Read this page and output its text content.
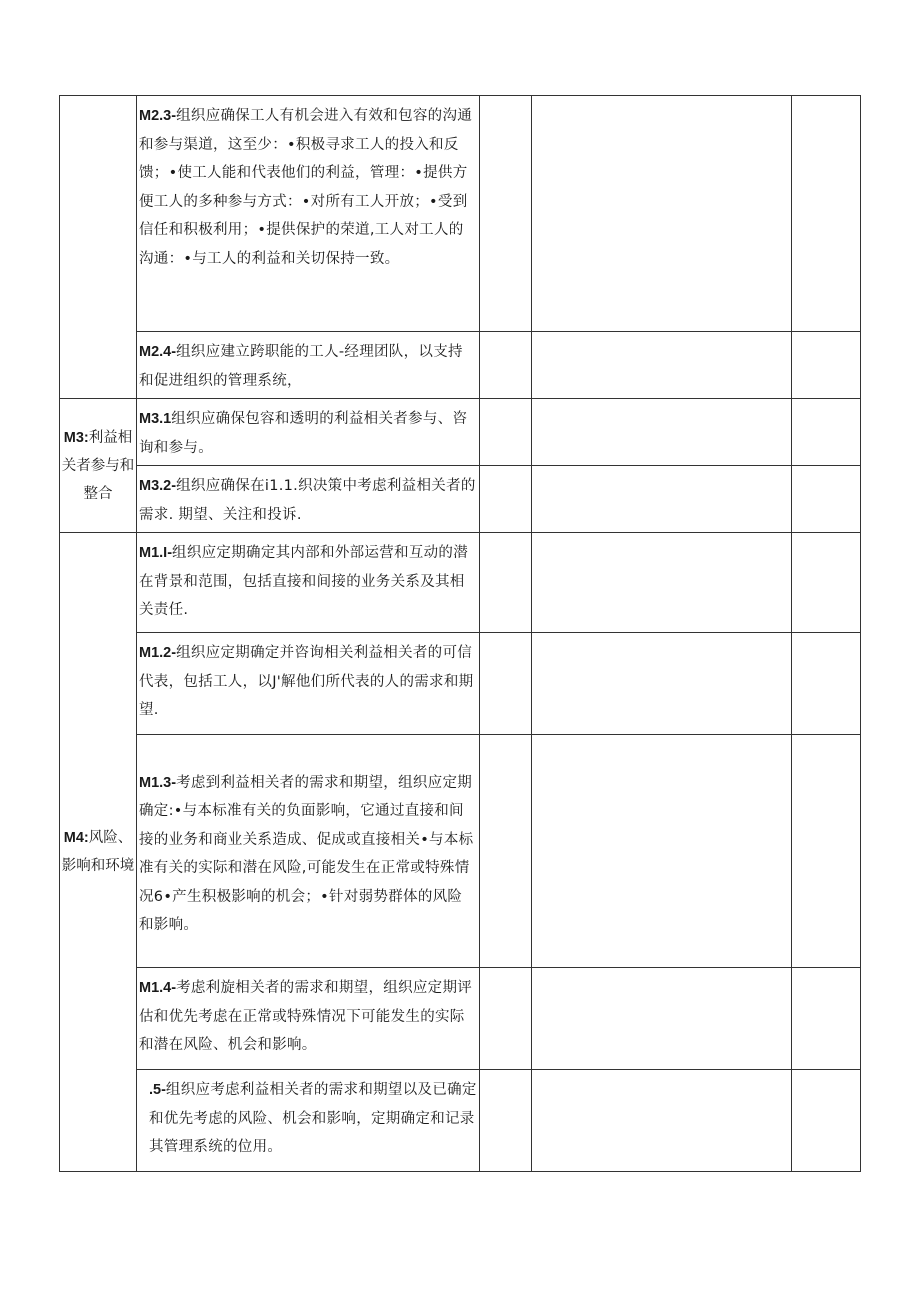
	M2.3-组织应确保工人有机会进入有效和包容的沟通和参与渠道，这至少：•积极寻求工人的投入和反馈；•使工人能和代表他们的利益，管理：•提供方便工人的多种参与方式：•对所有工人开放；•受到信任和积极利用；•提供保护的荣道,工人对工人的沟通：•与工人的利益和关切保持一致。			
	M2.4-组织应建立跨职能的工人-经理团队，以支持和促进组织的管理系统，			
M3:利益相关者参与和整合	M3.1组织应确保包容和透明的利益相关者参与、咨询和参与。			
	M3.2-组织应确保在i1.1.织决策中考虑利益相关者的需求. 期望、关注和投诉.			
M4:风险、影响和环境	M1.I-组织应定期确定其内部和外部运营和互动的潜在背景和范围，包括直接和间接的业务关系及其相关责任.			
	M1.2-组织应定期确定并咨询相关利益相关者的可信代表，包括工人，以J'解他们所代表的人的需求和期望.			
	M1.3-考虑到利益相关者的需求和期望，组织应定期确定:•与本标准有关的负面影响，它通过直接和间接的业务和商业关系造成、促成或直接相关•与本标准有关的实际和潜在风险,可能发生在正常或特殊情况6•产生积极影响的机会；•针对弱势群体的风险和影响。			
	M1.4-考虑利旋相关者的需求和期望，组织应定期评估和优先考虑在正常或特殊情况下可能发生的实际和潜在风险、机会和影响。			
	.5-组织应考虑利益相关者的需求和期望以及已确定和优先考虑的风险、机会和影响，定期确定和记录其管理系统的位用。			
